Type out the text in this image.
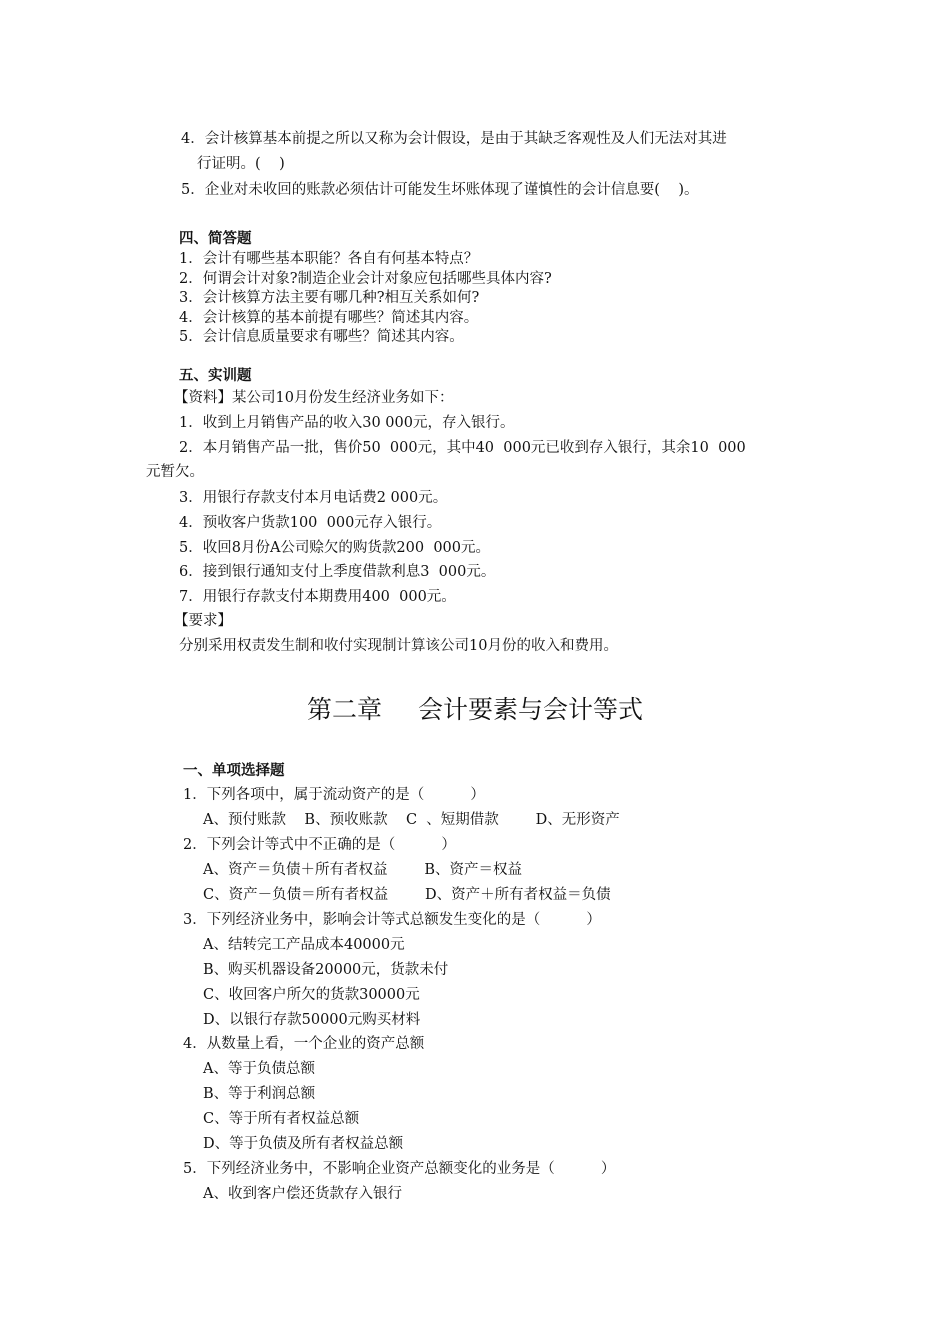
4．会计核算基本前提之所以又称为会计假设，是由于其缺乏客观性及人们无法对其进
行证明。(    )
5．企业对未收回的账款必须估计可能发生坏账体现了谨慎性的会计信息要(    )。
四、简答题
1．会计有哪些基本职能？各自有何基本特点？
2．何谓会计对象?制造企业会计对象应包括哪些具体内容?
3．会计核算方法主要有哪几种?相互关系如何?
4．会计核算的基本前提有哪些？简述其内容。
5．会计信息质量要求有哪些？简述其内容。
五、实训题
【资料】某公司10月份发生经济业务如下：
1．收到上月销售产品的收入30 000元，存入银行。
2．本月销售产品一批，售价50  000元，其中40  000元已收到存入银行，其余10  000
元暂欠。
3．用银行存款支付本月电话费2 000元。
4．预收客户货款100  000元存入银行。
5．收回8月份A公司赊欠的购货款200  000元。
6．接到银行通知支付上季度借款利息3  000元。
7．用银行存款支付本期费用400  000元。
【要求】
分别采用权责发生制和收付实现制计算该公司10月份的收入和费用。
第二章 会计要素与会计等式
一、单项选择题
1．下列各项中，属于流动资产的是（          ）
A、预付账款    B、预收账款    C  、短期借款        D、无形资产
2．下列会计等式中不正确的是（          ）
A、资产＝负债＋所有者权益        B、资产＝权益
C、资产－负债＝所有者权益        D、资产＋所有者权益＝负债
3．下列经济业务中，影响会计等式总额发生变化的是（          ）
A、结转完工产品成本40000元
B、购买机器设备20000元，货款未付
C、收回客户所欠的货款30000元
D、以银行存款50000元购买材料
4．从数量上看，一个企业的资产总额
A、等于负债总额
B、等于利润总额
C、等于所有者权益总额
D、等于负债及所有者权益总额
5．下列经济业务中，不影响企业资产总额变化的业务是（          ）
A、收到客户偿还货款存入银行
